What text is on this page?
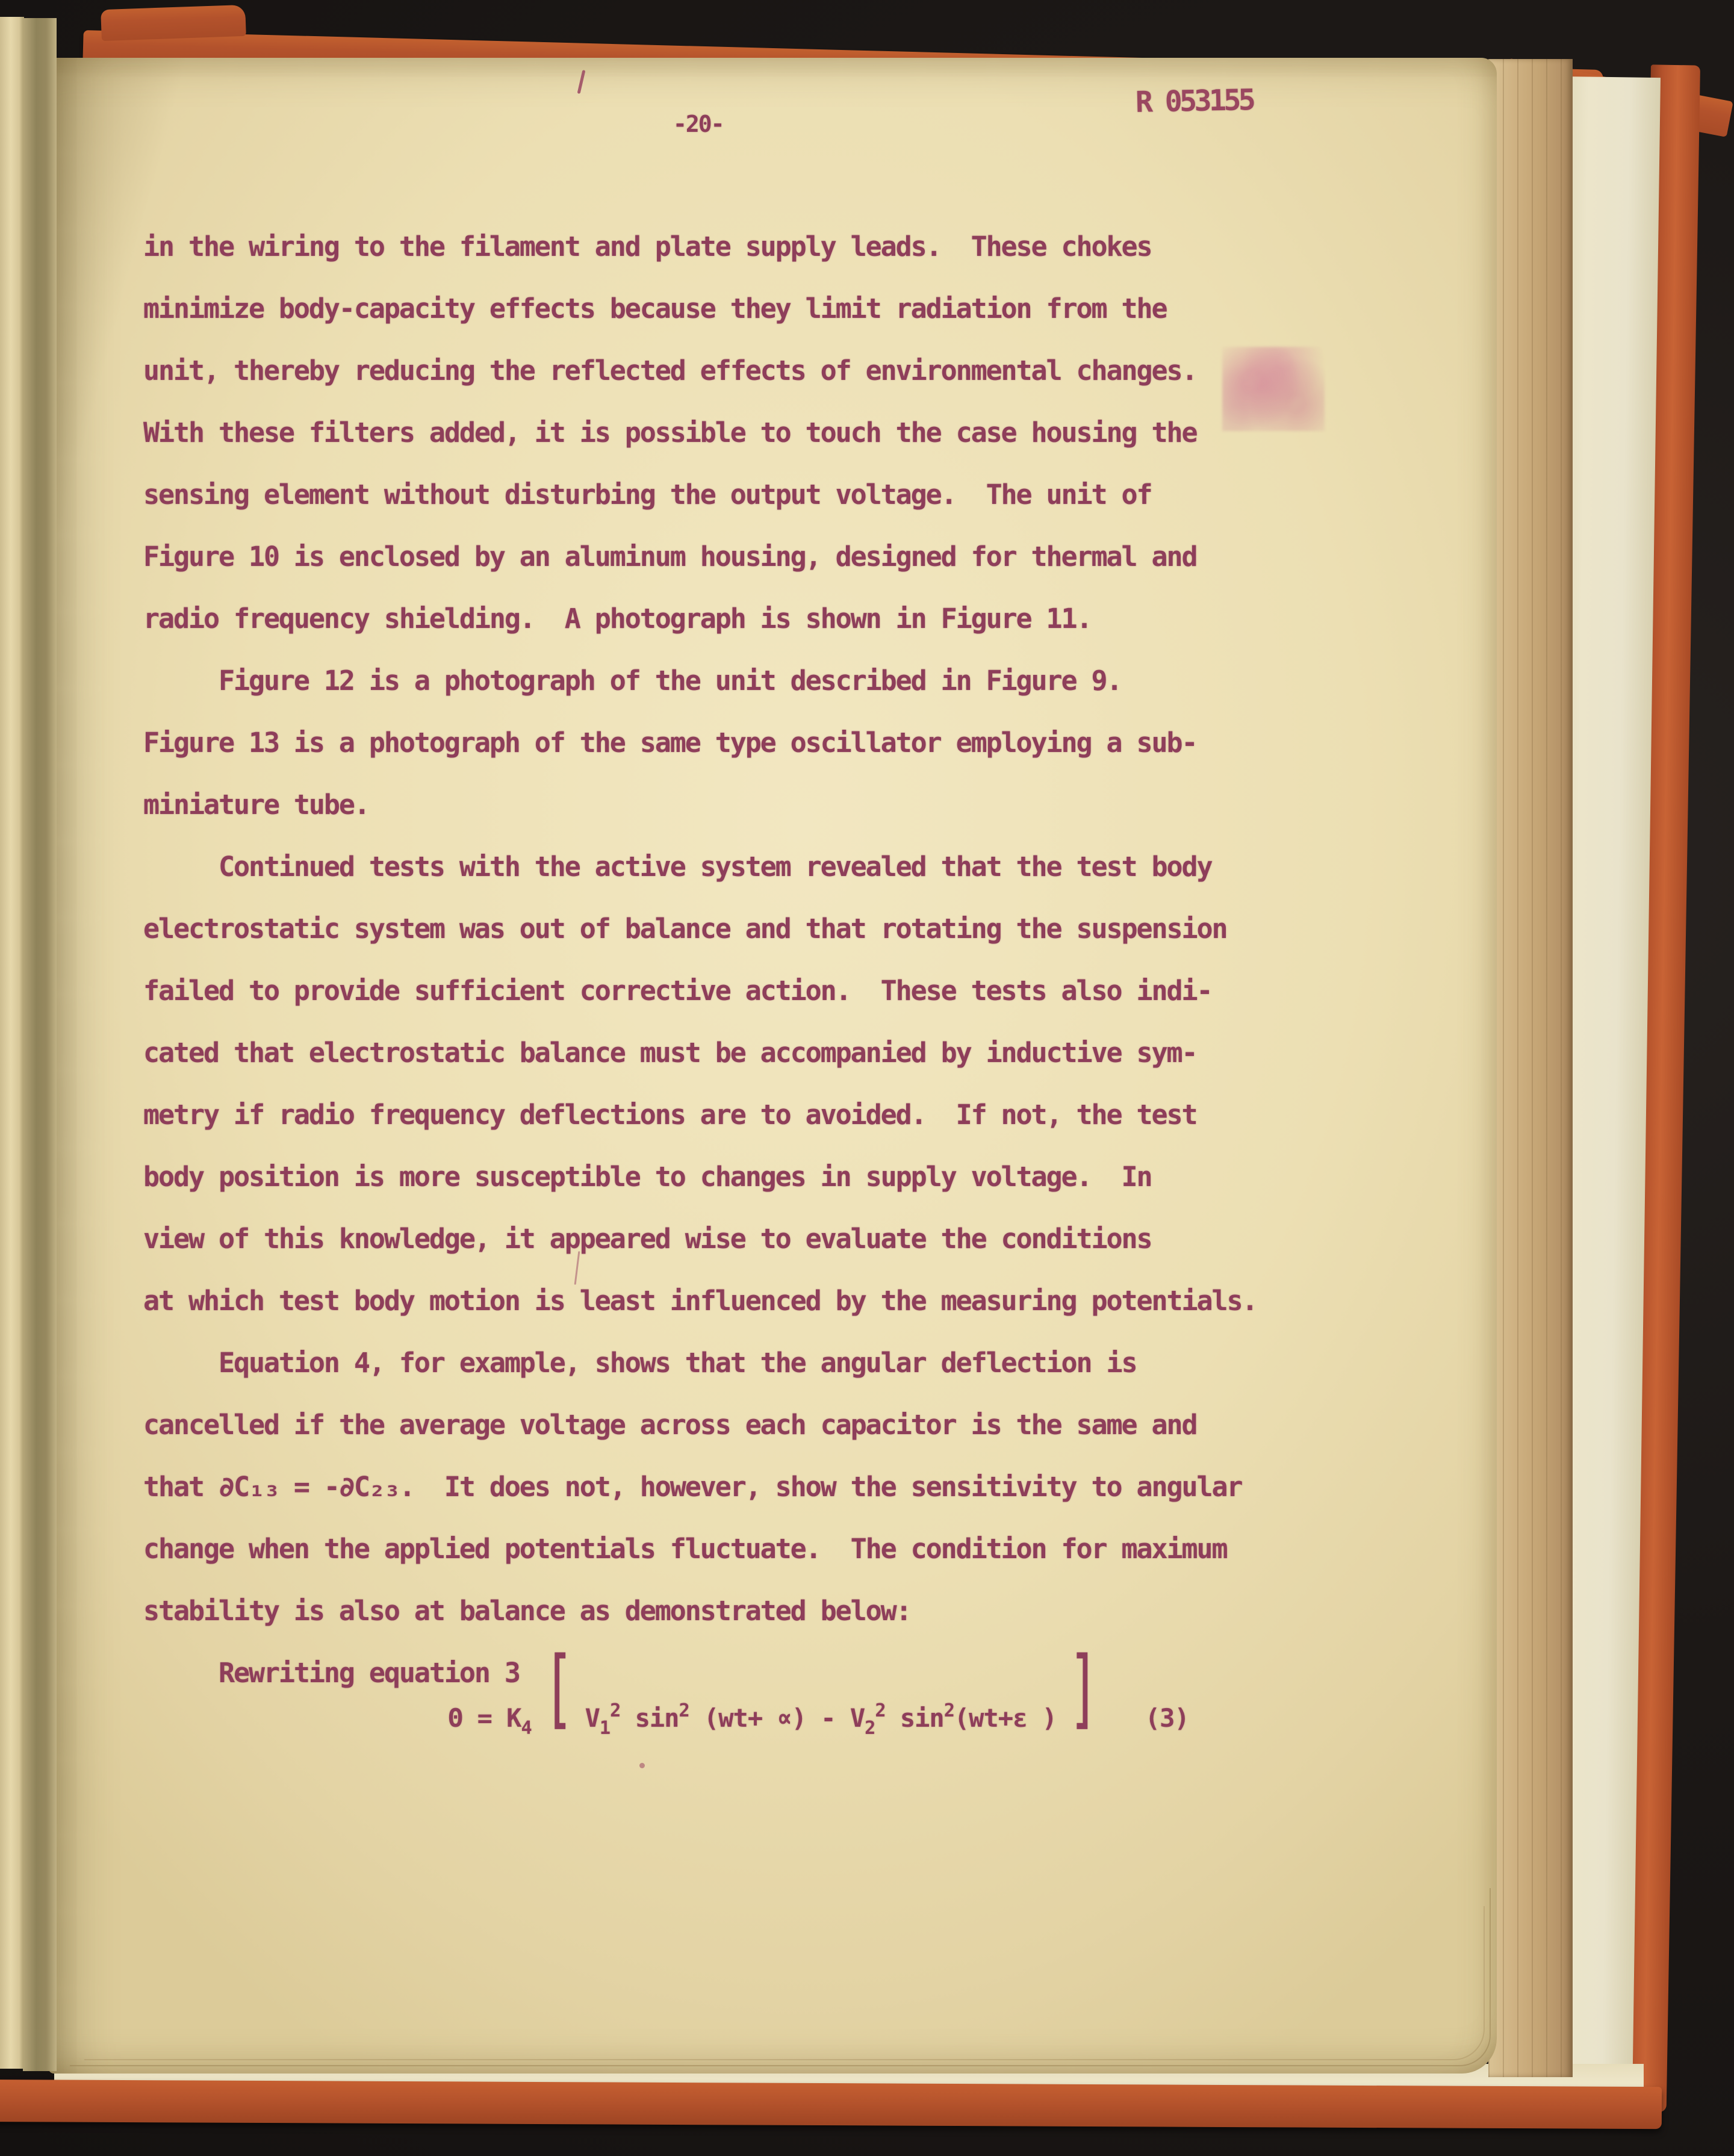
-20-
R 053155
in the wiring to the filament and plate supply leads.  These chokes
minimize body-capacity effects because they limit radiation from the
unit, thereby reducing the reflected effects of environmental changes.
With these filters added, it is possible to touch the case housing the
sensing element without disturbing the output voltage.  The unit of
Figure 10 is enclosed by an aluminum housing, designed for thermal and
radio frequency shielding.  A photograph is shown in Figure 11.
Figure 12 is a photograph of the unit described in Figure 9.
Figure 13 is a photograph of the same type oscillator employing a sub-
miniature tube.
Continued tests with the active system revealed that the test body
electrostatic system was out of balance and that rotating the suspension
failed to provide sufficient corrective action.  These tests also indi-
cated that electrostatic balance must be accompanied by inductive sym-
metry if radio frequency deflections are to avoided.  If not, the test
body position is more susceptible to changes in supply voltage.  In
view of this knowledge, it appeared wise to evaluate the conditions
at which test body motion is least influenced by the measuring potentials.
Equation 4, for example, shows that the angular deflection is
cancelled if the average voltage across each capacitor is the same and
that ∂C₁₃ = -∂C₂₃.  It does not, however, show the sensitivity to angular
change when the applied potentials fluctuate.  The condition for maximum
stability is also at balance as demonstrated below:
Rewriting equation 3
Θ = K4 [ V12 sin2 (wt+ ∝) - V22 sin2(wt+ε ) ] (3)
